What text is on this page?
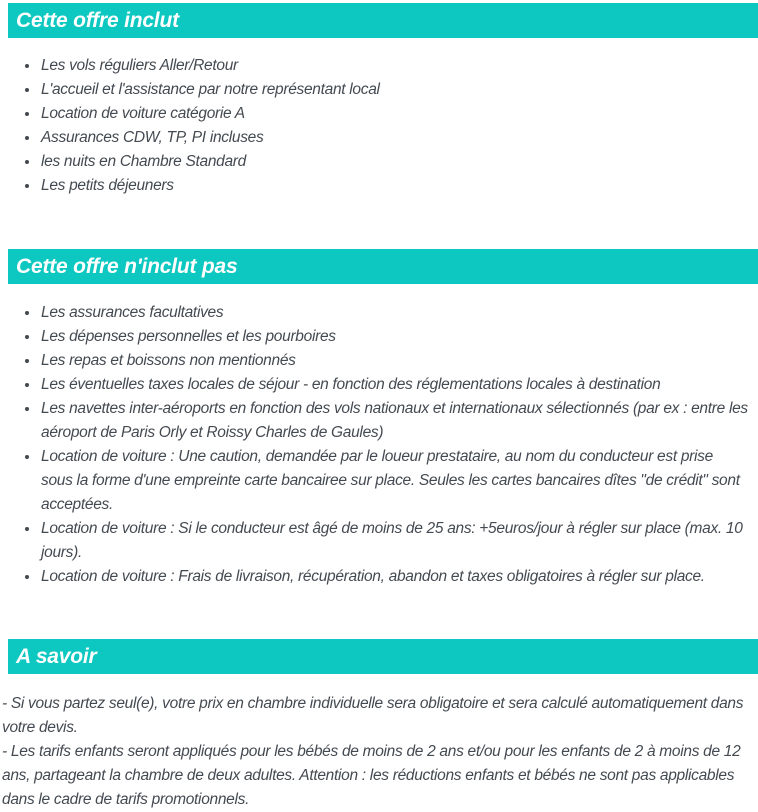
Cette offre inclut
• Les vols réguliers Aller/Retour
• L'accueil et l'assistance par notre représentant local
• Location de voiture catégorie A
• Assurances CDW, TP, PI incluses
• les nuits en Chambre Standard
• Les petits déjeuners
Cette offre n'inclut pas
• Les assurances facultatives
• Les dépenses personnelles et les pourboires
• Les repas et boissons non mentionnés
• Les éventuelles taxes locales de séjour - en fonction des réglementations locales à destination
• Les navettes inter-aéroports en fonction des vols nationaux et internationaux sélectionnés (par ex : entre les aéroport de Paris Orly et Roissy Charles de Gaules)
• Location de voiture : Une caution, demandée par le loueur prestataire, au nom du conducteur est prise sous la forme d'une empreinte carte bancairee sur place. Seules les cartes bancaires dîtes "de crédit" sont acceptées.
• Location de voiture : Si le conducteur est âgé de moins de 25 ans: +5euros/jour à régler sur place (max. 10 jours).
• Location de voiture : Frais de livraison, récupération, abandon et taxes obligatoires à régler sur place.
A savoir

- Si vous partez seul(e), votre prix en chambre individuelle sera obligatoire et sera calculé automatiquement dans votre devis.

- Les tarifs enfants seront appliqués pour les bébés de moins de 2 ans et/ou pour les enfants de 2 à moins de 12 ans, partageant la chambre de deux adultes. Attention : les réductions enfants et bébés ne sont pas applicables dans le cadre de tarifs promotionnels.
